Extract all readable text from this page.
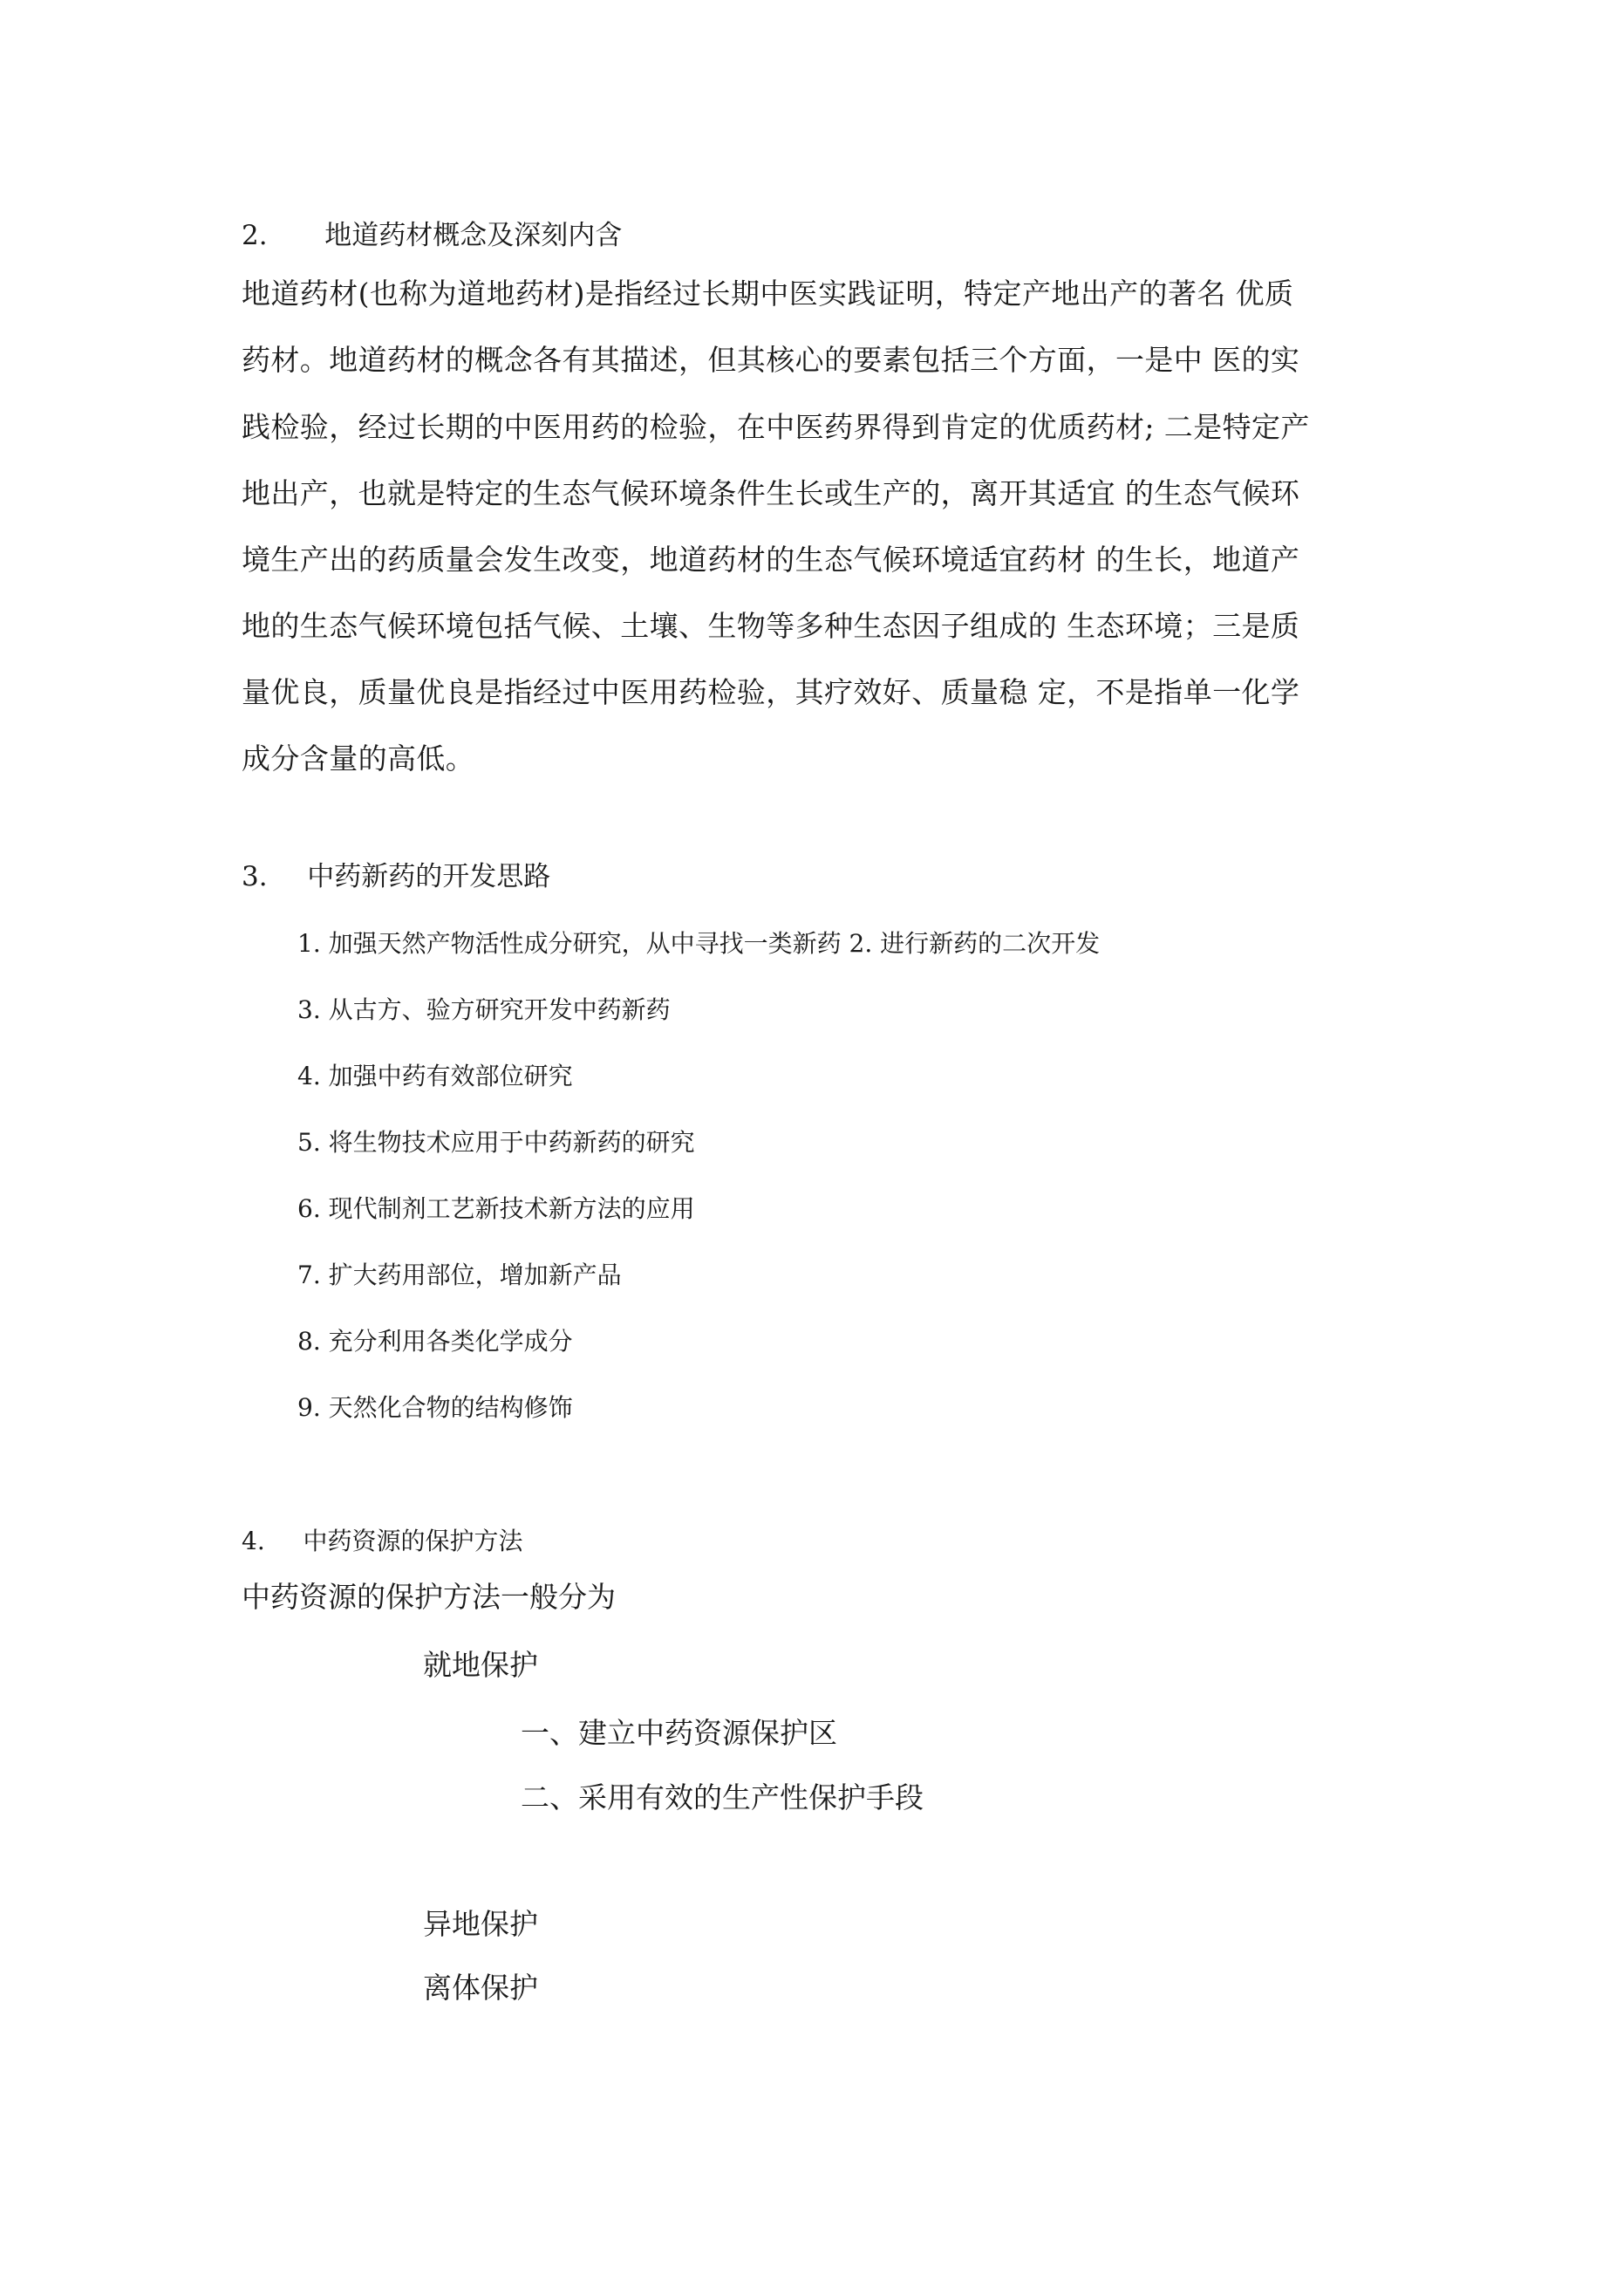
2. 地道药材概念及深刻内含
地道药材(也称为道地药材)是指经过长期中医实践证明，特定产地出产的著名 优质
药材。地道药材的概念各有其描述，但其核心的要素包括三个方面，一是中 医的实
践检验，经过长期的中医用药的检验，在中医药界得到肯定的优质药材; 二是特定产
地出产，也就是特定的生态气候环境条件生长或生产的，离开其适宜 的生态气候环
境生产出的药质量会发生改变，地道药材的生态气候环境适宜药材 的生长，地道产
地的生态气候环境包括气候、土壤、生物等多种生态因子组成的 生态环境；三是质
量优良，质量优良是指经过中医用药检验，其疗效好、质量稳 定，不是指单一化学
成分含量的高低。
3. 中药新药的开发思路
1. 加强天然产物活性成分研究，从中寻找一类新药 2. 进行新药的二次开发
3. 从古方、验方研究开发中药新药
4. 加强中药有效部位研究
5. 将生物技术应用于中药新药的研究
6. 现代制剂工艺新技术新方法的应用
7. 扩大药用部位，增加新产品
8. 充分利用各类化学成分
9. 天然化合物的结构修饰
4. 中药资源的保护方法
中药资源的保护方法一般分为
就地保护
一、建立中药资源保护区
二、采用有效的生产性保护手段
异地保护
离体保护
